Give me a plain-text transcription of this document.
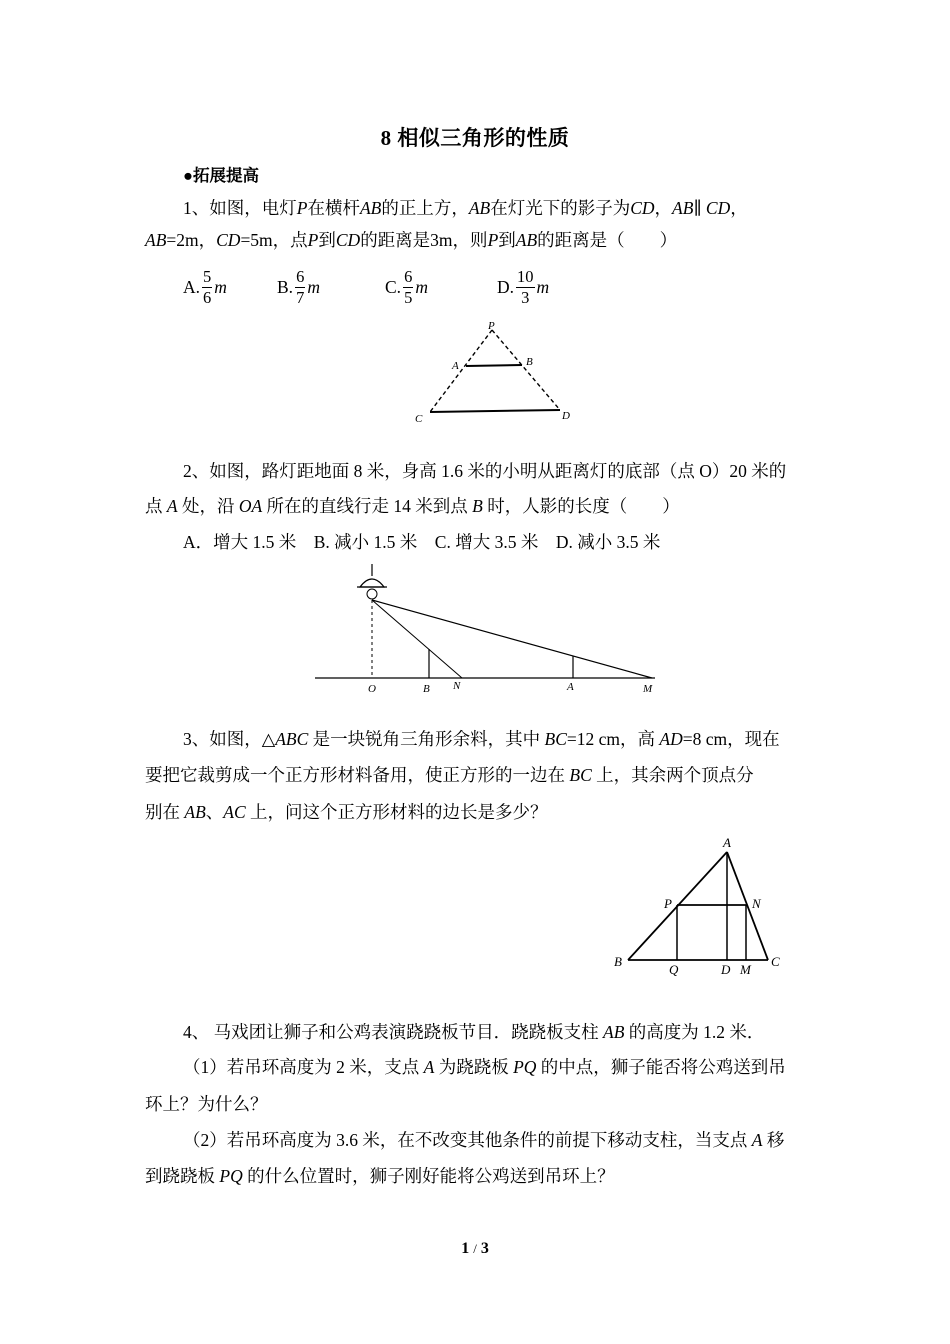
8 相似三角形的性质
●拓展提高
1、如图，电灯P在横杆AB的正上方，AB在灯光下的影子为CD，AB∥ CD，
AB=2m，CD=5m，点P到CD的距离是3m，则P到AB的距离是（　　）
A. $\frac{5}{6}$ m	B. $\frac{6}{7}$ m	C. $\frac{6}{5}$ m	D. $\frac{10}{3}$ m
P
A	B
C	D
2、如图，路灯距地面 8 米，身高 1.6 米的小明从距离灯的底部（点 O）20 米的
点 A 处，沿 OA 所在的直线行走 14 米到点 B 时，人影的长度（　　）
A．增大 1.5 米　B. 减小 1.5 米　C. 增大 3.5 米　D. 减小 3.5 米
O	B N	A	M
3、如图，△ABC 是一块锐角三角形余料，其中 BC=12 cm，高 AD=8 cm，现在
要把它裁剪成一个正方形材料备用，使正方形的一边在 BC 上，其余两个顶点分
别在 AB、AC 上，问这个正方形材料的边长是多少？
A
P	N
B
Q	D M
C
4、 马戏团让狮子和公鸡表演跷跷板节目．跷跷板支柱 AB 的高度为 1.2 米．
（1）若吊环高度为 2 米，支点 A 为跷跷板 PQ 的中点，狮子能否将公鸡送到吊
环上？为什么？
（2）若吊环高度为 3.6 米，在不改变其他条件的前提下移动支柱，当支点 A 移
到跷跷板 PQ 的什么位置时，狮子刚好能将公鸡送到吊环上？
1 / 3
